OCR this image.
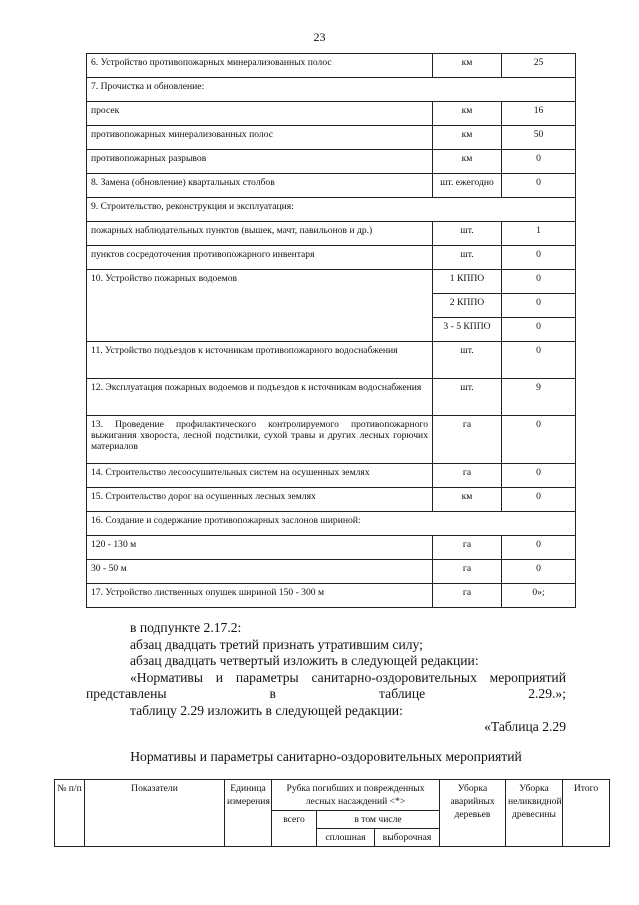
23
6. Устройство противопожарных минерализованных полос	км	25
7. Прочистка и обновление:		
просек	км	16
противопожарных минерализованных полос	км	50
противопожарных разрывов	км	0
8. Замена (обновление) квартальных столбов	шт. ежегодно	0
9. Строительство, реконструкция и эксплуатация:		
пожарных наблюдательных пунктов (вышек, мачт, павильонов и др.)	шт.	1
пунктов сосредоточения противопожарного инвентаря	шт.	0
10. Устройство пожарных водоемов	1 КППО	0
	2 КППО	0
	3 - 5 КППО	0
11. Устройство подъездов к источникам противопожарного водоснабжения	шт.	0
12. Эксплуатация пожарных водоемов и подъездов к источникам водоснабжения	шт.	9
13. Проведение профилактического контролируемого противопожарного выжигания хвороста, лесной подстилки, сухой травы и других лесных горючих материалов	га	0
14. Строительство лесоосушительных систем на осушенных землях	га	0
15. Строительство дорог на осушенных лесных землях	км	0
16. Создание и содержание противопожарных заслонов шириной:		
120 - 130 м	га	0
30 - 50 м	га	0
17. Устройство лиственных опушек шириной 150 - 300 м	га	0»;

в подпункте 2.17.2:

абзац двадцать третий признать утратившим силу;

абзац двадцать четвертый изложить в следующей редакции:

«Нормативы и параметры санитарно-оздоровительных мероприятий представлены в таблице 2.29.»;

таблицу 2.29 изложить в следующей редакции:

«Таблица 2.29

Нормативы и параметры санитарно-оздоровительных мероприятий
№ п/п	Показатели	Единица измерения	Рубка погибших и поврежденных лесных насаждений <*>			Уборка аварийных деревьев	Уборка неликвидной древесины	Итого
			всего	в том числе				
				сплошная	выборочная			
